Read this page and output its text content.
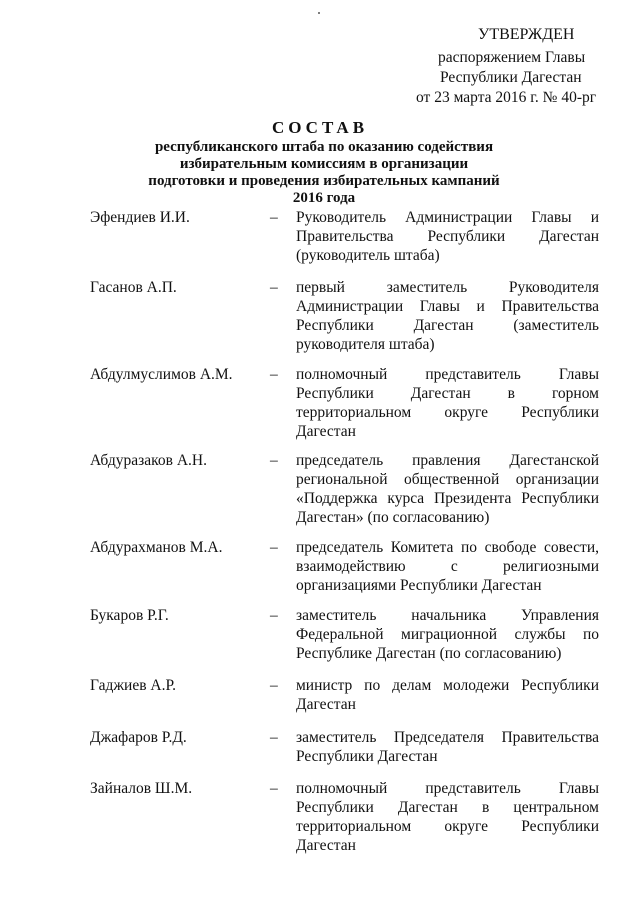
УТВЕРЖДЕН
распоряжением Главы
Республики Дагестан
от 23 марта 2016 г. № 40-рг
СОСТАВ
республиканского штаба по оказанию содействия избирательным комиссиям в организации подготовки и проведения избирательных кампаний 2016 года
Эфендиев И.И.	– Руководитель Администрации Главы и Правительства Республики Дагестан (руководитель штаба)
Гасанов А.П.	– первый заместитель Руководителя Администрации Главы и Правительства Республики Дагестан (заместитель руководителя штаба)
Абдулмуслимов А.М. – полномочный представитель Главы Республики Дагестан в горном территориальном округе Республики Дагестан
Абдуразаков А.Н.	– председатель правления Дагестанской региональной общественной организации «Поддержка курса Президента Республики Дагестан» (по согласованию)
Абдурахманов М.А.	– председатель Комитета по свободе совести, взаимодействию с религиозными организациями Республики Дагестан
Букаров Р.Г.	– заместитель начальника Управления Федеральной миграционной службы по Республике Дагестан (по согласованию)
Гаджиев А.Р.	– министр по делам молодежи Республики Дагестан
Джафаров Р.Д.	– заместитель Председателя Правительства Республики Дагестан
Зайналов Ш.М.	– полномочный представитель Главы Республики Дагестан в центральном территориальном округе Республики Дагестан
